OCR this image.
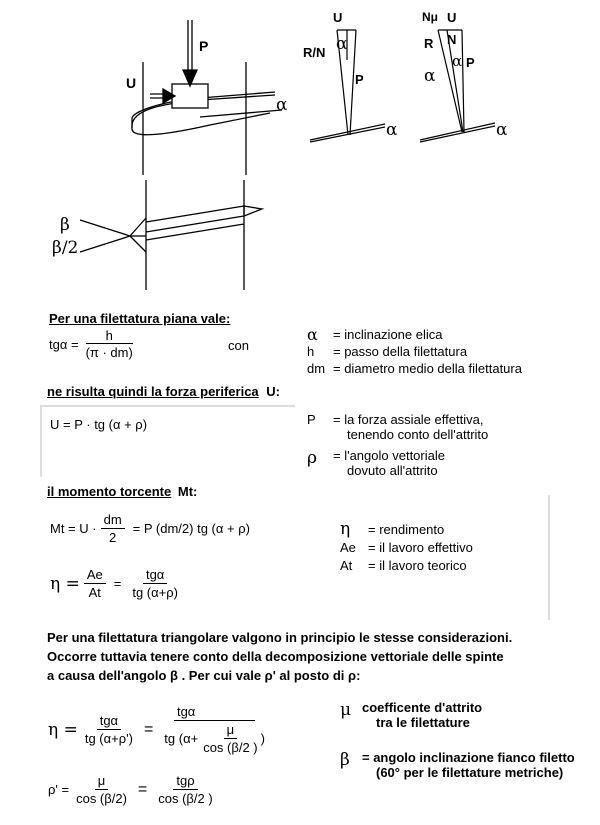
P
U
α
U
R/N α
P
α
Nμ U
R N
α P
α
α
β
β/2
Per una filettatura piana vale:
$tg\alpha = \frac{h}{(\pi \cdot dm)}$	con
α	= inclinazione elica
h	= passo della filettatura
dm = diametro medio della filettatura
ne risulta quindi la forza periferica U:
U = P · tg (α + ρ)	P	= la forza assiale effettiva,
tenendo conto dell'attrito
ρ	= l'angolo vettoriale
dovuto all'attrito
il momento torcente Mt:
$Mt = U \cdot \frac{dm}{2} = P$ (dm/2) tg (α + ρ)
$\eta = \frac{Ae}{At} = \frac{\text{tgα}}{tg (\alpha+\rho)}$
η	= rendimento
Ae = il lavoro effettivo
At	= il lavoro teorico
Per una filettatura triangolare valgono in principio le stesse considerazioni.
Occorre tuttavia tenere conto della decomposizione vettoriale delle spinte
a causa dell'angolo β . Per cui vale ρ' al posto di ρ:
$\eta = \frac{\text{tgα}}{tg (\alpha+\rho')} = \frac{\text{tgα}}{tg (\alpha+ \frac{\mu}{\cos (\beta/2 )} )}$
$\rho' = \frac{\mu}{\cos (\beta/2)} = \frac{\text{tgρ}}{\cos (\beta/2 )}$
μ coefficente d'attrito
tra le filettature
β = angolo inclinazione fianco filetto
(60° per le filettature metriche)
